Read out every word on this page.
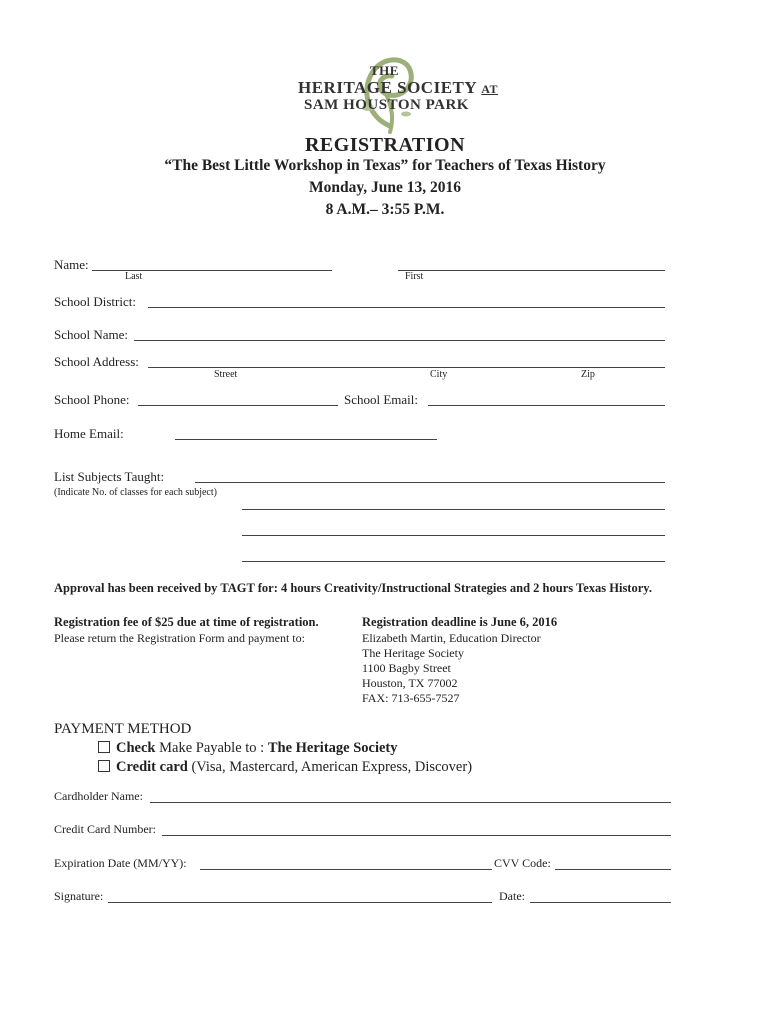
THE
HERITAGE SOCIETY AT
SAM HOUSTON PARK
REGISTRATION
“The Best Little Workshop in Texas” for Teachers of Texas History
Monday, June 13, 2016
8 A.M.– 3:55 P.M.
Name:
Last	First
School District:
School Name:
School Address:
Street	City	Zip
School Phone:	School Email:
Home Email:
List Subjects Taught:
(Indicate No. of classes for each subject)
Approval has been received by TAGT for: 4 hours Creativity/Instructional Strategies and 2 hours Texas History.
Registration fee of $25 due at time of registration.
Please return the Registration Form and payment to:
Registration deadline is June 6, 2016
Elizabeth Martin, Education Director
The Heritage Society
1100 Bagby Street
Houston, TX 77002
FAX: 713-655-7527
PAYMENT METHOD
Check Make Payable to : The Heritage Society
Credit card (Visa, Mastercard, American Express, Discover)
Cardholder Name:
Credit Card Number:
Expiration Date (MM/YY):	CVV Code:
Signature:	Date:
